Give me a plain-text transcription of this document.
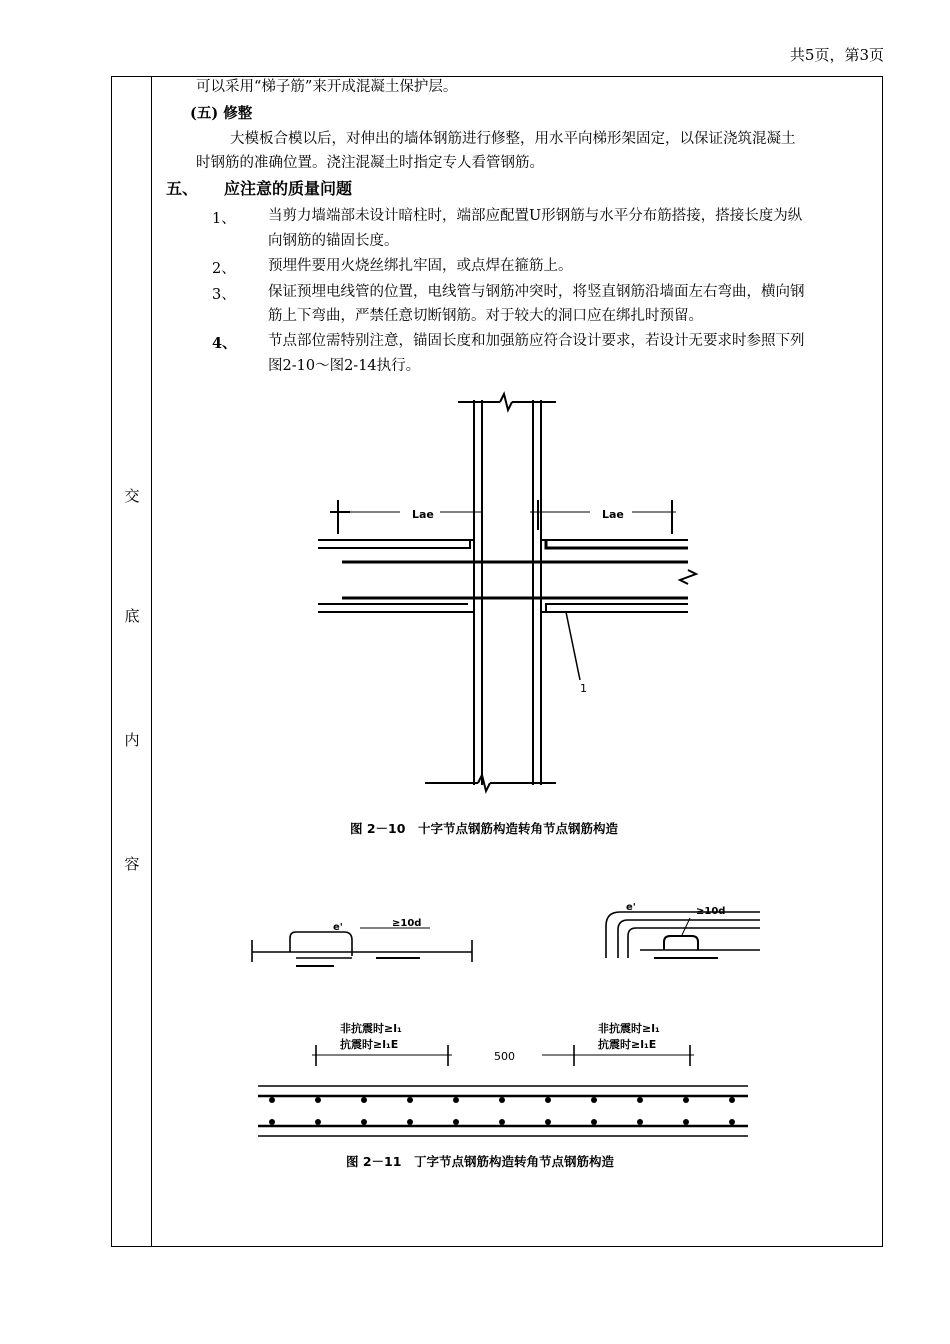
共5页，第3页
交
底
内
容
可以采用“梯子筋”来开成混凝土保护层。
(五) 修整
大模板合模以后，对伸出的墙体钢筋进行修整，用水平向梯形架固定，以保证浇筑混凝土
时钢筋的准确位置。浇注混凝土时指定专人看管钢筋。
五、 应注意的质量问题
1、 当剪力墙端部未设计暗柱时，端部应配置U形钢筋与水平分布筋搭接，搭接长度为纵
向钢筋的锚固长度。
2、 预埋件要用火烧丝绑扎牢固，或点焊在箍筋上。
3、 保证预埋电线管的位置，电线管与钢筋冲突时，将竖直钢筋沿墙面左右弯曲，横向钢
筋上下弯曲，严禁任意切断钢筋。对于较大的洞口应在绑扎时预留。
4、 节点部位需特别注意，锚固长度和加强筋应符合设计要求，若设计无要求时参照下列
图2-10～图2-14执行。
Lae	Lae
1
图 2－10　十字节点钢筋构造转角节点钢筋构造
e'	≥10d
e'	≥10d
非抗震时≥l₁
抗震时≥l₁E
非抗震时≥l₁
抗震时≥l₁E
500
图 2－11　丁字节点钢筋构造转角节点钢筋构造
